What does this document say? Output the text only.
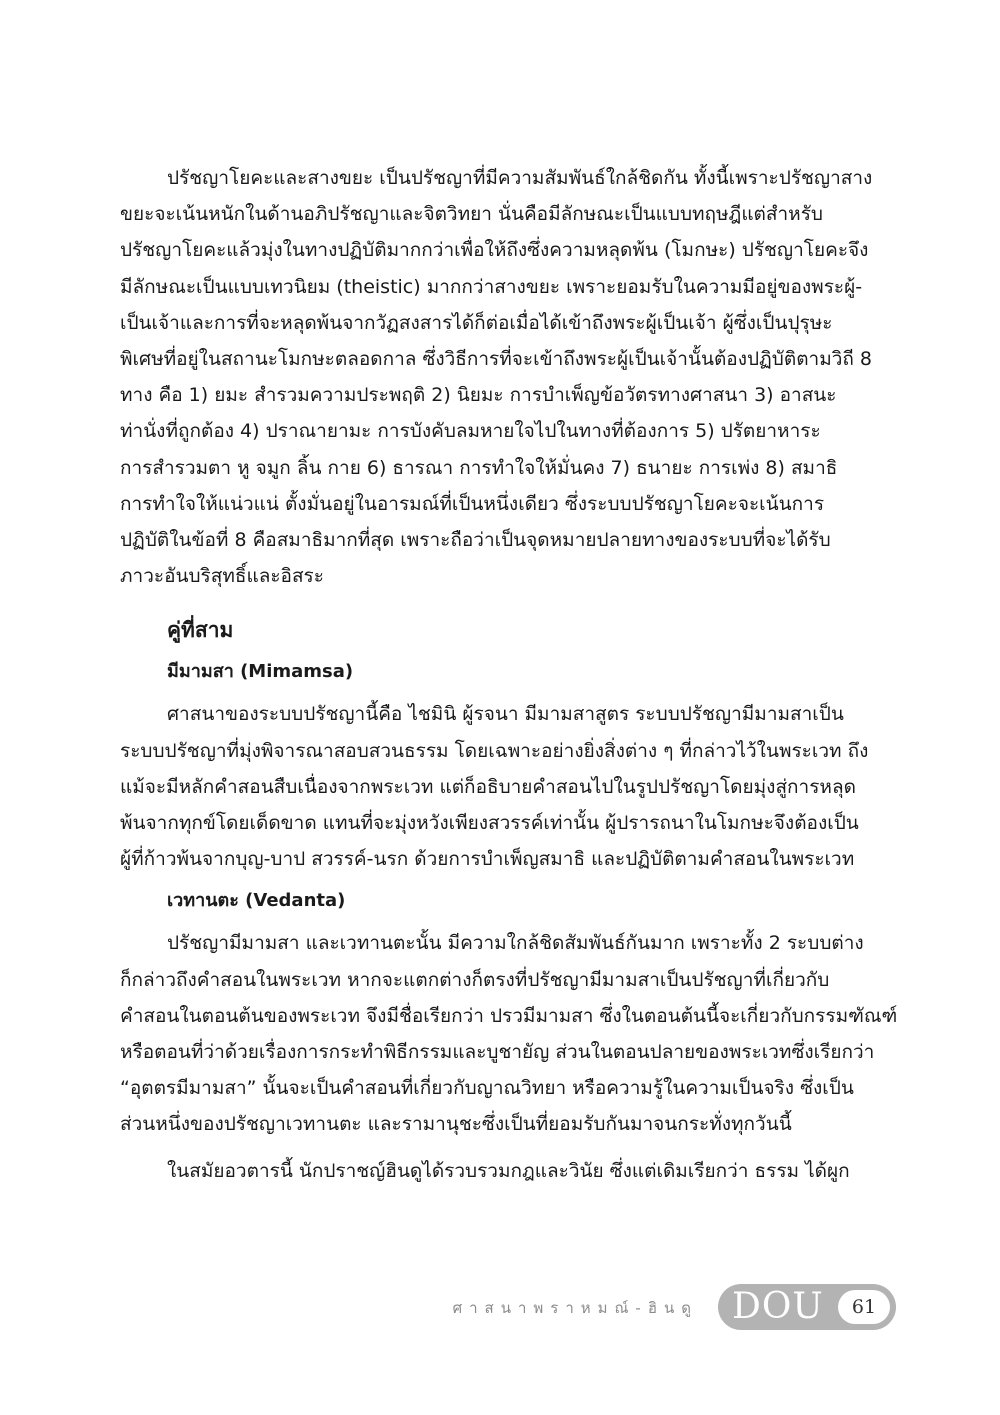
ปรัชญาโยคะและสางขยะ เป็นปรัชญาที่มีความสัมพันธ์ใกล้ชิดกัน ทั้งนี้เพราะปรัชญาสาง
ขยะจะเน้นหนักในด้านอภิปรัชญาและจิตวิทยา นั่นคือมีลักษณะเป็นแบบทฤษฎีแต่สำหรับ
ปรัชญาโยคะแล้วมุ่งในทางปฏิบัติมากกว่าเพื่อให้ถึงซึ่งความหลุดพ้น (โมกษะ) ปรัชญาโยคะจึง
มีลักษณะเป็นแบบเทวนิยม (theistic) มากกว่าสางขยะ เพราะยอมรับในความมีอยู่ของพระผู้-
เป็นเจ้าและการที่จะหลุดพ้นจากวัฏสงสารได้ก็ต่อเมื่อได้เข้าถึงพระผู้เป็นเจ้า ผู้ซึ่งเป็นปุรุษะ
พิเศษที่อยู่ในสถานะโมกษะตลอดกาล ซึ่งวิธีการที่จะเข้าถึงพระผู้เป็นเจ้านั้นต้องปฏิบัติตามวิถี 8
ทาง คือ 1) ยมะ สำรวมความประพฤติ 2) นิยมะ การบำเพ็ญข้อวัตรทางศาสนา 3) อาสนะ
ท่านั่งที่ถูกต้อง 4) ปราณายามะ การบังคับลมหายใจไปในทางที่ต้องการ 5) ปรัตยาหาระ
การสำรวมตา หู จมูก ลิ้น กาย 6) ธารณา การทำใจให้มั่นคง 7) ธนายะ การเพ่ง 8) สมาธิ
การทำใจให้แน่วแน่ ตั้งมั่นอยู่ในอารมณ์ที่เป็นหนึ่งเดียว ซึ่งระบบปรัชญาโยคะจะเน้นการ
ปฏิบัติในข้อที่ 8 คือสมาธิมากที่สุด เพราะถือว่าเป็นจุดหมายปลายทางของระบบที่จะได้รับ
ภาวะอันบริสุทธิ์และอิสระ
คู่ที่สาม
มีมามสา (Mimamsa)
ศาสนาของระบบปรัชญานี้คือ ไชมินิ ผู้รจนา มีมามสาสูตร ระบบปรัชญามีมามสาเป็น
ระบบปรัชญาที่มุ่งพิจารณาสอบสวนธรรม โดยเฉพาะอย่างยิ่งสิ่งต่าง ๆ ที่กล่าวไว้ในพระเวท ถึง
แม้จะมีหลักคำสอนสืบเนื่องจากพระเวท แต่ก็อธิบายคำสอนไปในรูปปรัชญาโดยมุ่งสู่การหลุด
พ้นจากทุกข์โดยเด็ดขาด แทนที่จะมุ่งหวังเพียงสวรรค์เท่านั้น ผู้ปรารถนาในโมกษะจึงต้องเป็น
ผู้ที่ก้าวพ้นจากบุญ-บาป สวรรค์-นรก ด้วยการบำเพ็ญสมาธิ และปฏิบัติตามคำสอนในพระเวท
เวทานตะ (Vedanta)
ปรัชญามีมามสา และเวทานตะนั้น มีความใกล้ชิดสัมพันธ์กันมาก เพราะทั้ง 2 ระบบต่าง
ก็กล่าวถึงคำสอนในพระเวท หากจะแตกต่างก็ตรงที่ปรัชญามีมามสาเป็นปรัชญาที่เกี่ยวกับ
คำสอนในตอนต้นของพระเวท จึงมีชื่อเรียกว่า ปรวมีมามสา ซึ่งในตอนต้นนี้จะเกี่ยวกับกรรมฑัณฑ์
หรือตอนที่ว่าด้วยเรื่องการกระทำพิธีกรรมและบูชายัญ ส่วนในตอนปลายของพระเวทซึ่งเรียกว่า
“อุตตรมีมามสา” นั้นจะเป็นคำสอนที่เกี่ยวกับญาณวิทยา หรือความรู้ในความเป็นจริง ซึ่งเป็น
ส่วนหนึ่งของปรัชญาเวทานตะ และรามานุชะซึ่งเป็นที่ยอมรับกันมาจนกระทั่งทุกวันนี้
ในสมัยอวตารนี้ นักปราชญ์ฮินดูได้รวบรวมกฎและวินัย ซึ่งแต่เดิมเรียกว่า ธรรม ได้ผูก
ศาสนาพราหมณ์-ฮินดู DOU	61
